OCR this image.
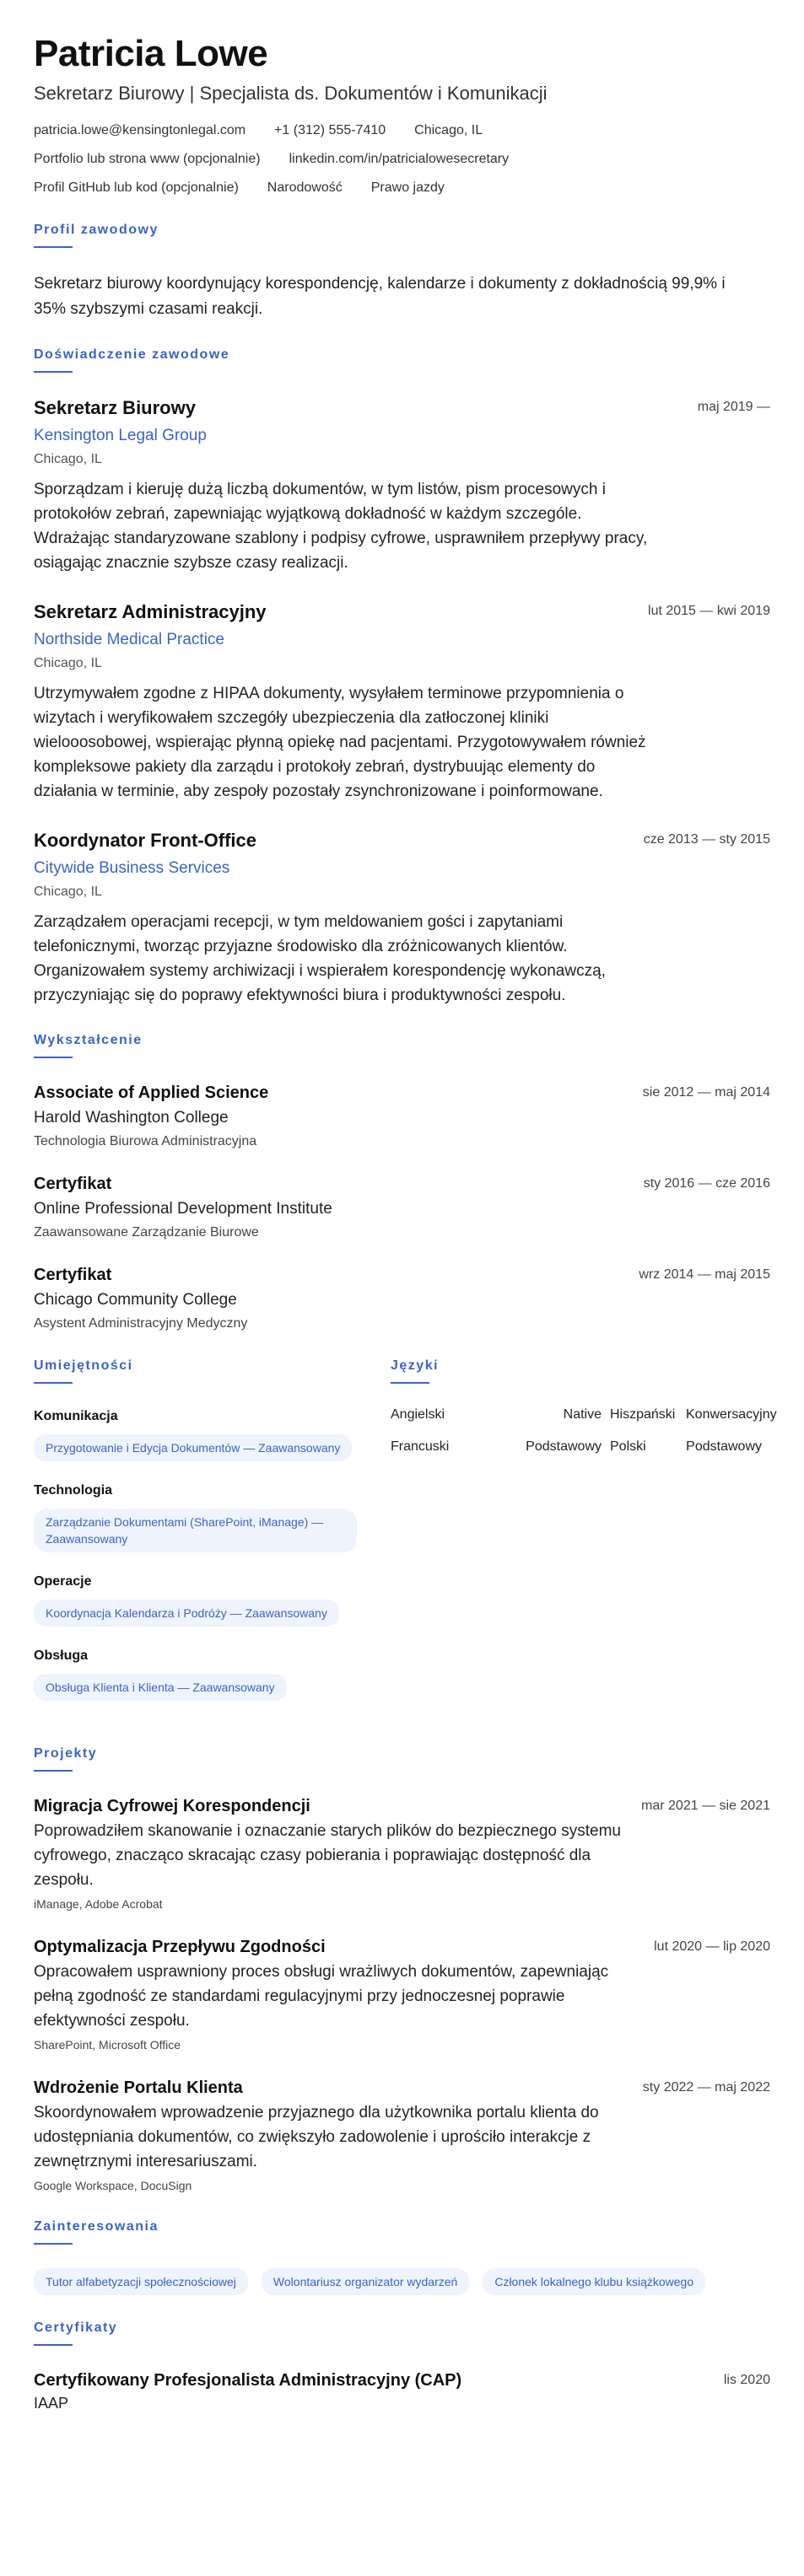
Patricia Lowe
Sekretarz Biurowy | Specjalista ds. Dokumentów i Komunikacji
patricia.lowe@kensingtonlegal.com +1 (312) 555-7410 Chicago, IL
Portfolio lub strona www (opcjonalnie) linkedin.com/in/patricialowesecretary
Profil GitHub lub kod (opcjonalnie) Narodowość Prawo jazdy
Profil zawodowy

Sekretarz biurowy koordynujący korespondencję, kalendarze i dokumenty z dokładnością 99,9% i 35% szybszymi czasami reakcji.

Doświadczenie zawodowe
Sekretarz Biurowy	maj 2019 —
Kensington Legal Group
Chicago, IL

Sporządzam i kieruję dużą liczbą dokumentów, w tym listów, pism procesowych i protokołów zebrań, zapewniając wyjątkową dokładność w każdym szczególe. Wdrażając standaryzowane szablony i podpisy cyfrowe, usprawniłem przepływy pracy, osiągając znacznie szybsze czasy realizacji.

Sekretarz Administracyjny	lut 2015 — kwi 2019
Northside Medical Practice
Chicago, IL

Utrzymywałem zgodne z HIPAA dokumenty, wysyłałem terminowe przypomnienia o wizytach i weryfikowałem szczegóły ubezpieczenia dla zatłoczonej kliniki wielooosobowej, wspierając płynną opiekę nad pacjentami. Przygotowywałem również kompleksowe pakiety dla zarządu i protokoły zebrań, dystrybuując elementy do działania w terminie, aby zespoły pozostały zsynchronizowane i poinformowane.

Koordynator Front-Office	cze 2013 — sty 2015
Citywide Business Services
Chicago, IL

Zarządzałem operacjami recepcji, w tym meldowaniem gości i zapytaniami telefonicznymi, tworząc przyjazne środowisko dla zróżnicowanych klientów. Organizowałem systemy archiwizacji i wspierałem korespondencję wykonawczą, przyczyniając się do poprawy efektywności biura i produktywności zespołu.

Wykształcenie
Associate of Applied Science	sie 2012 — maj 2014
Harold Washington College
Technologia Biurowa Administracyjna
Certyfikat	sty 2016 — cze 2016
Online Professional Development Institute
Zaawansowane Zarządzanie Biurowe
Certyfikat	wrz 2014 — maj 2015
Chicago Community College
Asystent Administracyjny Medyczny
Umiejętności
Komunikacja
Przygotowanie i Edycja Dokumentów — Zaawansowany
Technologia
Zarządzanie Dokumentami (SharePoint, iManage) — Zaawansowany
Operacje
Koordynacja Kalendarza i Podróży — Zaawansowany
Obsługa
Obsługa Klienta i Klienta — Zaawansowany
Języki
Angielski	Native Hiszpański Konwersacyjny
Francuski	Podstawowy Polski	Podstawowy
Projekty
Migracja Cyfrowej Korespondencji	mar 2021 — sie 2021

Poprowadziłem skanowanie i oznaczanie starych plików do bezpiecznego systemu cyfrowego, znacząco skracając czasy pobierania i poprawiając dostępność dla zespołu.

iManage, Adobe Acrobat
Optymalizacja Przepływu Zgodności	lut 2020 — lip 2020

Opracowałem usprawniony proces obsługi wrażliwych dokumentów, zapewniając pełną zgodność ze standardami regulacyjnymi przy jednoczesnej poprawie efektywności zespołu.

SharePoint, Microsoft Office
Wdrożenie Portalu Klienta	sty 2022 — maj 2022

Skoordynowałem wprowadzenie przyjaznego dla użytkownika portalu klienta do udostępniania dokumentów, co zwiększyło zadowolenie i uprościło interakcje z zewnętrznymi interesariuszami.

Google Workspace, DocuSign
Zainteresowania
Tutor alfabetyzacji społecznościowej	Wolontariusz organizator wydarzeń	Członek lokalnego klubu książkowego
Certyfikaty
Certyfikowany Profesjonalista Administracyjny (CAP)	lis 2020
IAAP
